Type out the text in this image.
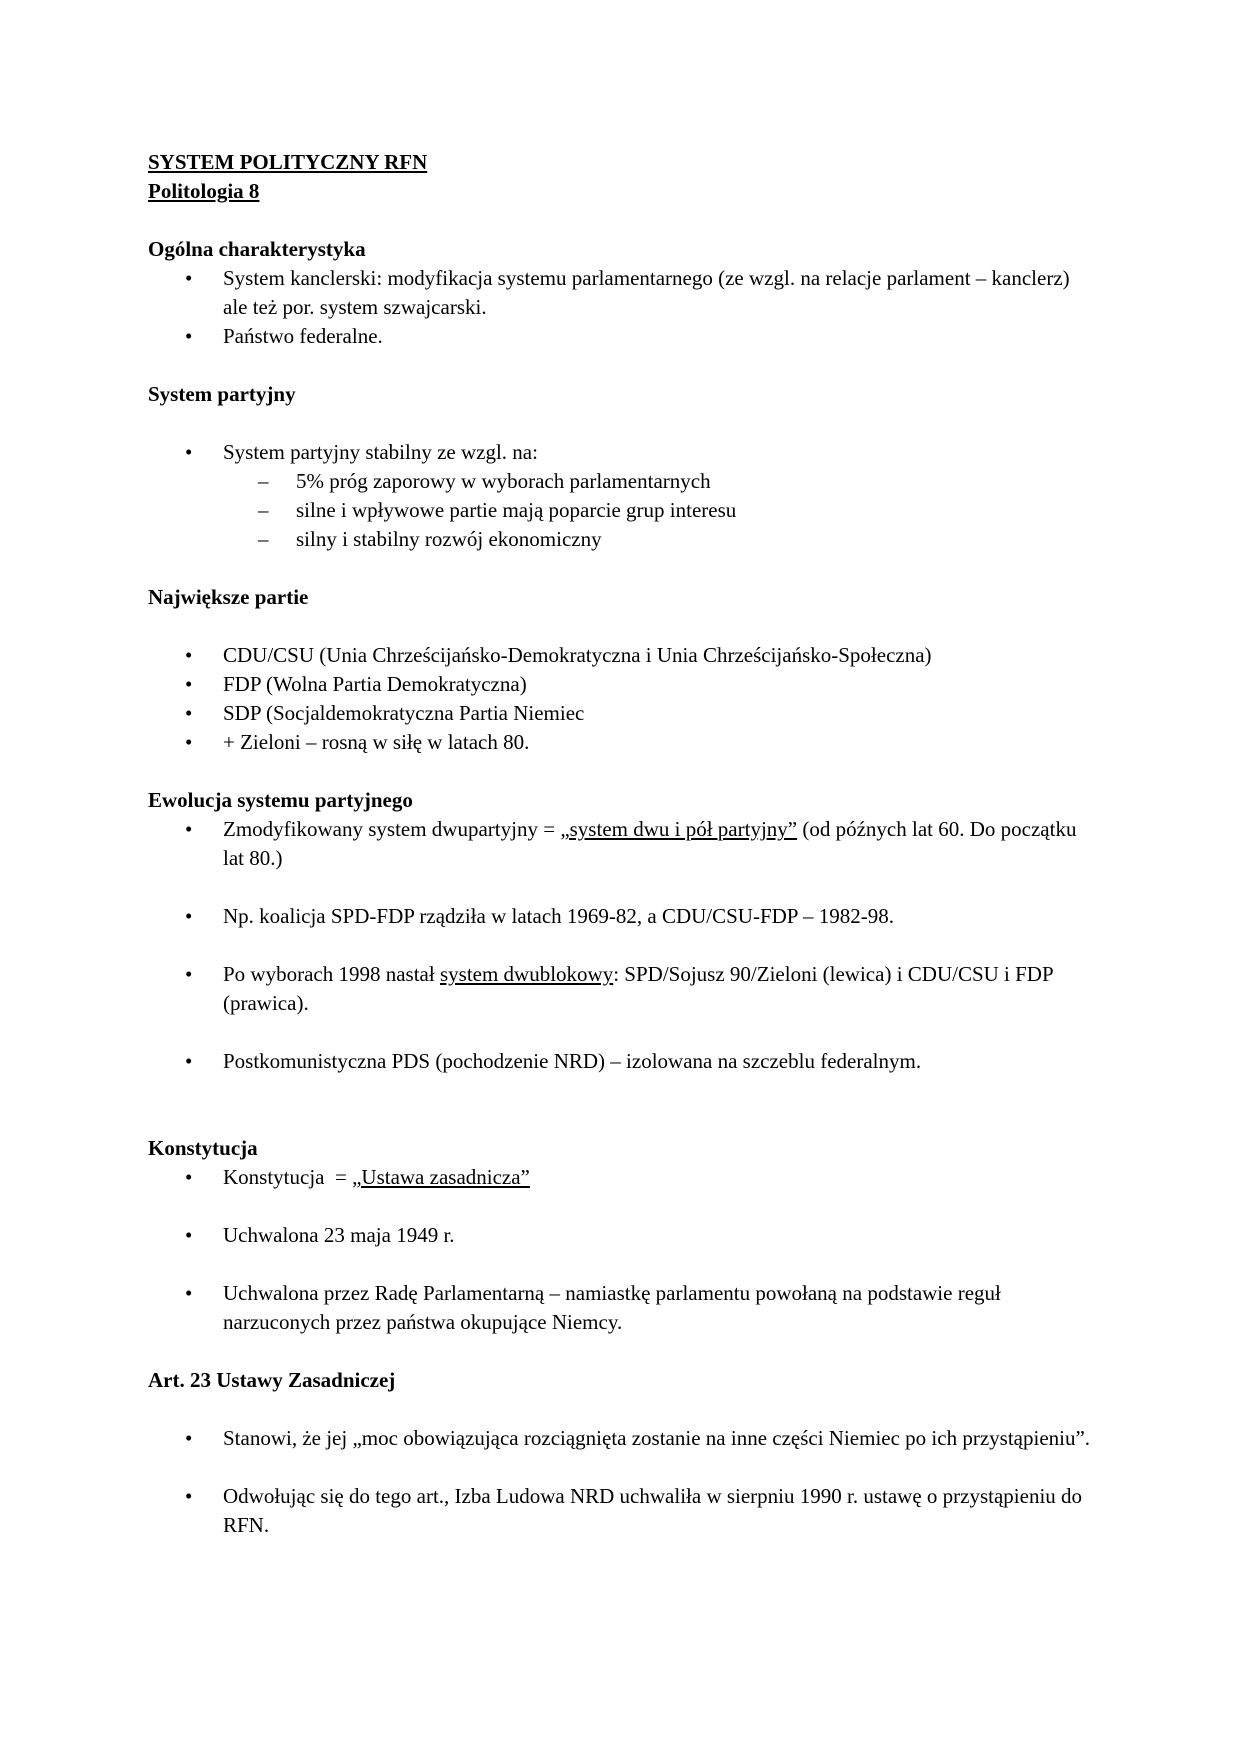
SYSTEM POLITYCZNY RFN
Politologia 8
Ogólna charakterystyka
• System kanclerski: modyfikacja systemu parlamentarnego (ze wzgl. na relacje parlament – kanclerz) ale też por. system szwajcarski.
• Państwo federalne.
System partyjny
• System partyjny stabilny ze wzgl. na:
– 5% próg zaporowy w wyborach parlamentarnych
– silne i wpływowe partie mają poparcie grup interesu
– silny i stabilny rozwój ekonomiczny
Największe partie
• CDU/CSU (Unia Chrześcijańsko-Demokratyczna i Unia Chrześcijańsko-Społeczna)
• FDP (Wolna Partia Demokratyczna)
• SDP (Socjaldemokratyczna Partia Niemiec
• + Zieloni – rosną w siłę w latach 80.
Ewolucja systemu partyjnego
• Zmodyfikowany system dwupartyjny = „system dwu i pół partyjny” (od późnych lat 60. Do początku lat 80.)
• Np. koalicja SPD-FDP rządziła w latach 1969-82, a CDU/CSU-FDP – 1982-98.
• Po wyborach 1998 nastał system dwublokowy: SPD/Sojusz 90/Zieloni (lewica) i CDU/CSU i FDP (prawica).
• Postkomunistyczna PDS (pochodzenie NRD) – izolowana na szczeblu federalnym.
Konstytucja
• Konstytucja  = „Ustawa zasadnicza”
• Uchwalona 23 maja 1949 r.
• Uchwalona przez Radę Parlamentarną – namiastkę parlamentu powołaną na podstawie reguł narzuconych przez państwa okupujące Niemcy.
Art. 23 Ustawy Zasadniczej
• Stanowi, że jej „moc obowiązująca rozciągnięta zostanie na inne części Niemiec po ich przystąpieniu”.
• Odwołując się do tego art., Izba Ludowa NRD uchwaliła w sierpniu 1990 r. ustawę o przystąpieniu do RFN.
